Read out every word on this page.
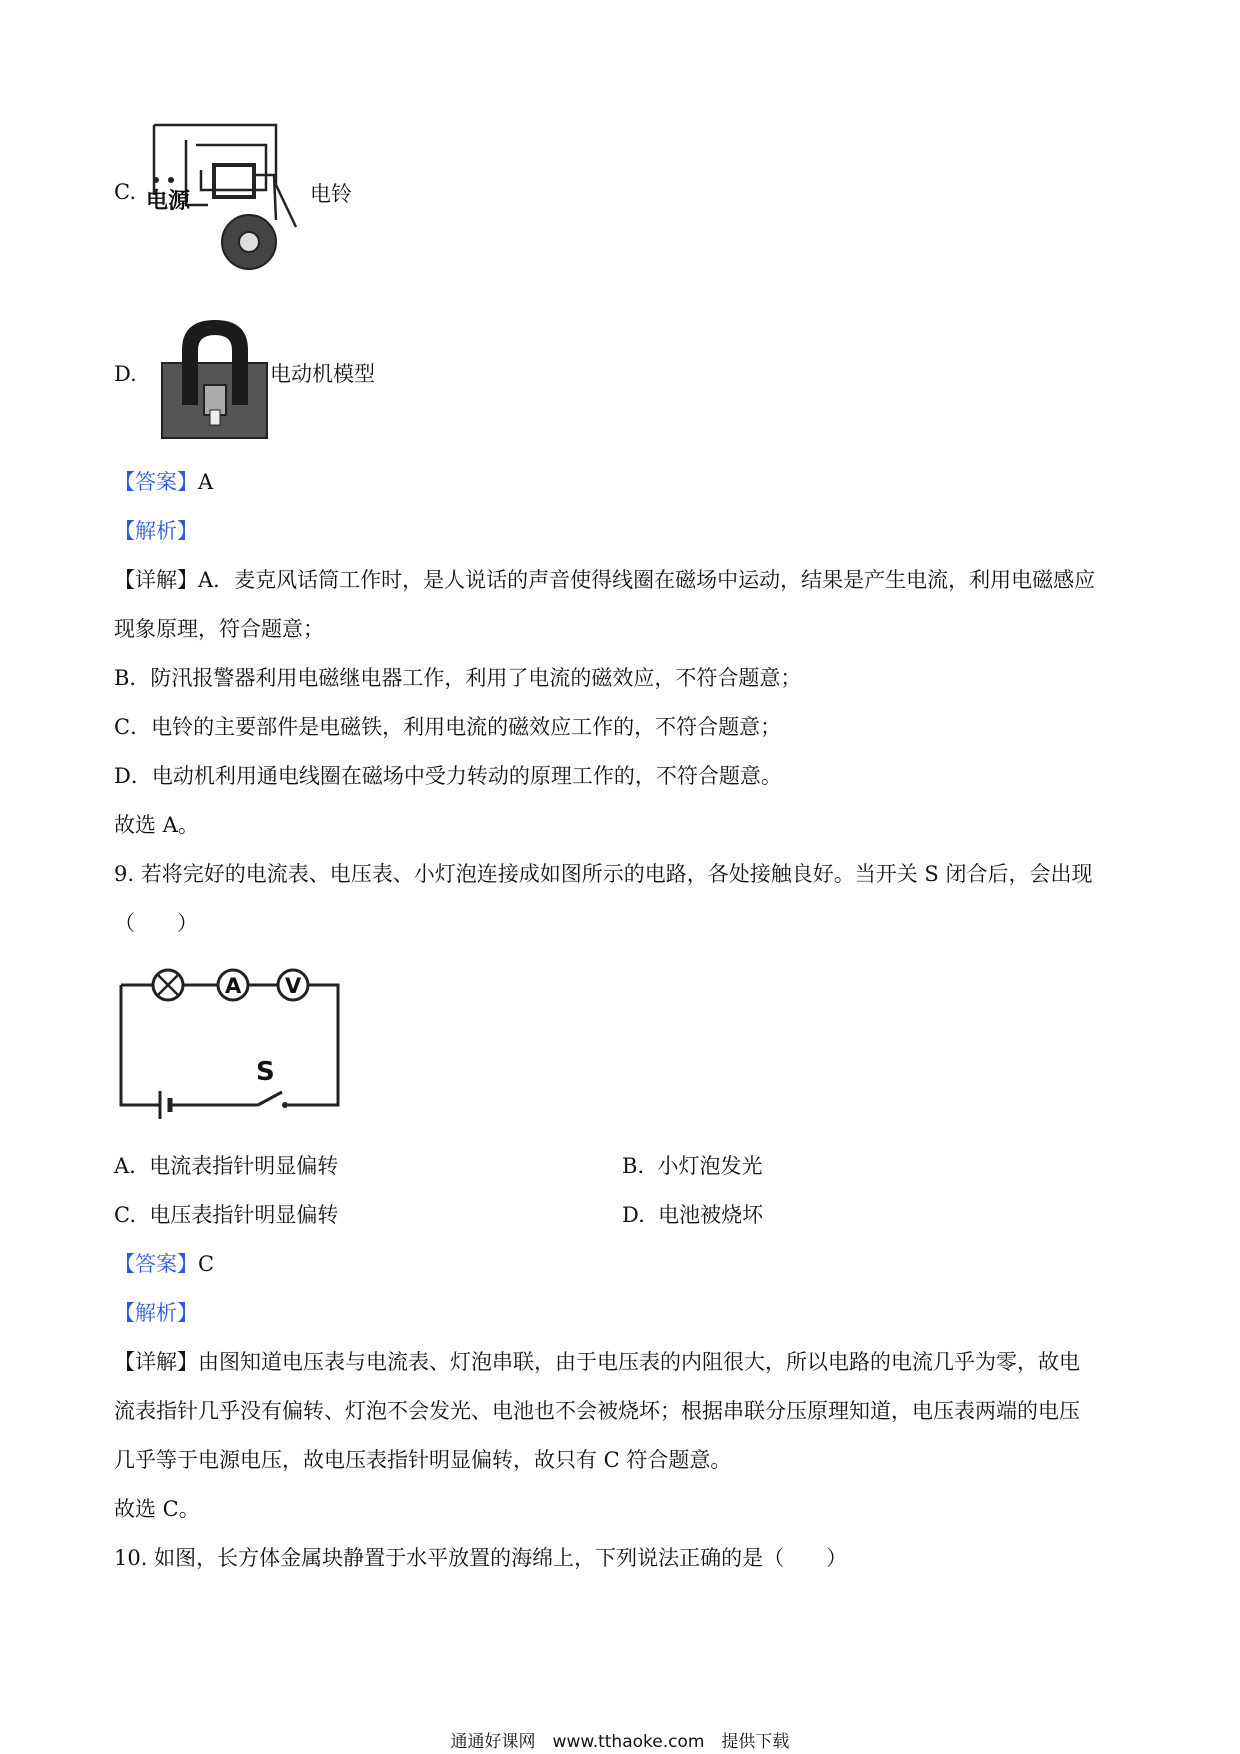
C. 电源	电铃
D.	电动机模型
【答案】A
【解析】
【详解】A．麦克风话筒工作时，是人说话的声音使得线圈在磁场中运动，结果是产生电流，利用电磁感应
现象原理，符合题意；
B．防汛报警器利用电磁继电器工作，利用了电流的磁效应，不符合题意；
C．电铃的主要部件是电磁铁，利用电流的磁效应工作的，不符合题意；
D．电动机利用通电线圈在磁场中受力转动的原理工作的，不符合题意。
故选 A。
9. 若将完好的电流表、电压表、小灯泡连接成如图所示的电路，各处接触良好。当开关 S 闭合后，会出现
（　　）
S
A V
A. 电流表指针明显偏转	B. 小灯泡发光
C. 电压表指针明显偏转	D. 电池被烧坏
【答案】C
【解析】
【详解】由图知道电压表与电流表、灯泡串联，由于电压表的内阻很大，所以电路的电流几乎为零，故电
流表指针几乎没有偏转、灯泡不会发光、电池也不会被烧坏；根据串联分压原理知道，电压表两端的电压
几乎等于电源电压，故电压表指针明显偏转，故只有 C 符合题意。
故选 C。
10. 如图，长方体金属块静置于水平放置的海绵上，下列说法正确的是（　　）
通通好课网　www.tthaoke.com　提供下载
